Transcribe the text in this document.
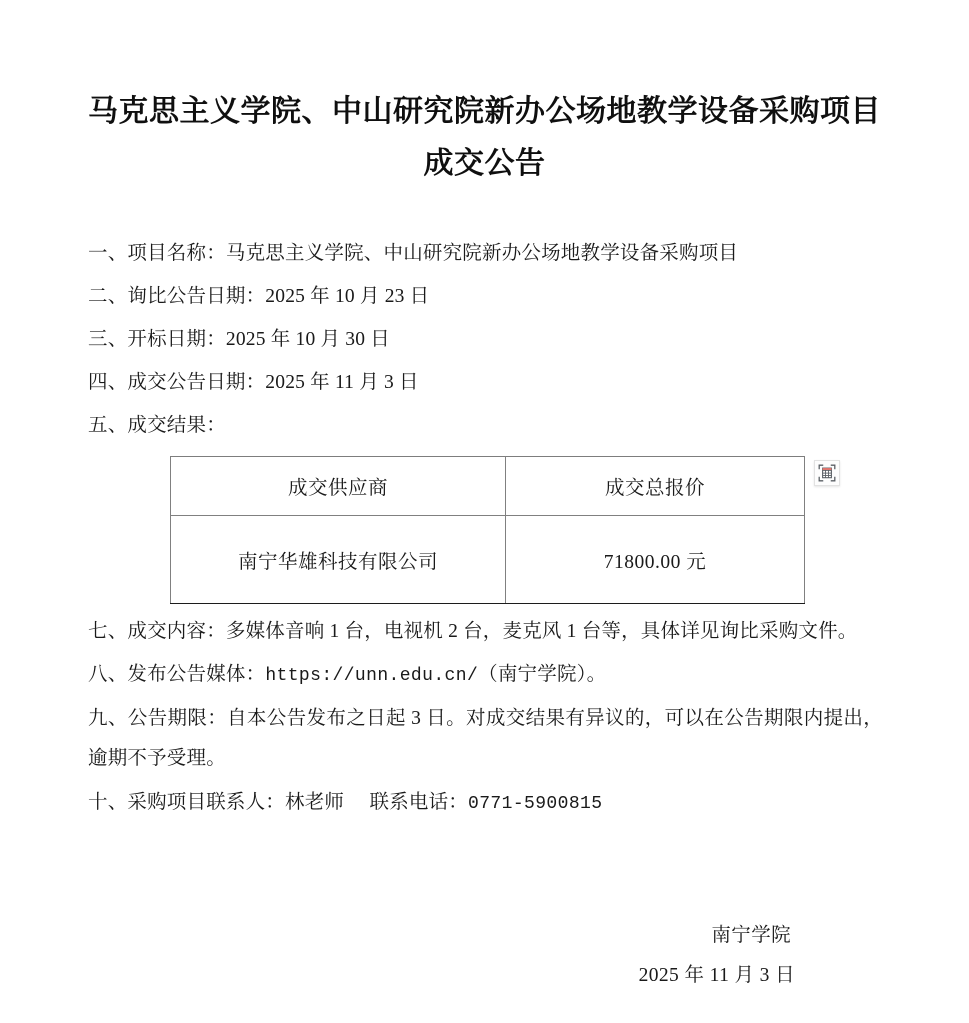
马克思主义学院、中山研究院新办公场地教学设备采购项目
成交公告

一、项目名称：马克思主义学院、中山研究院新办公场地教学设备采购项目

二、询比公告日期：2025 年 10 月 23 日

三、开标日期：2025 年 10 月 30 日

四、成交公告日期：2025 年 11 月 3 日

五、成交结果：

成交供应商	成交总报价
南宁华雄科技有限公司	71800.00 元

七、成交内容：多媒体音响 1 台，电视机 2 台，麦克风 1 台等，具体详见询比采购文件。

八、发布公告媒体：https://unn.edu.cn/（南宁学院）。

九、公告期限：自本公告发布之日起 3 日。对成交结果有异议的，可以在公告期限内提出，逾期不予受理。

十、采购项目联系人：林老师 联系电话：0771-5900815

南宁学院
2025 年 11 月 3 日
